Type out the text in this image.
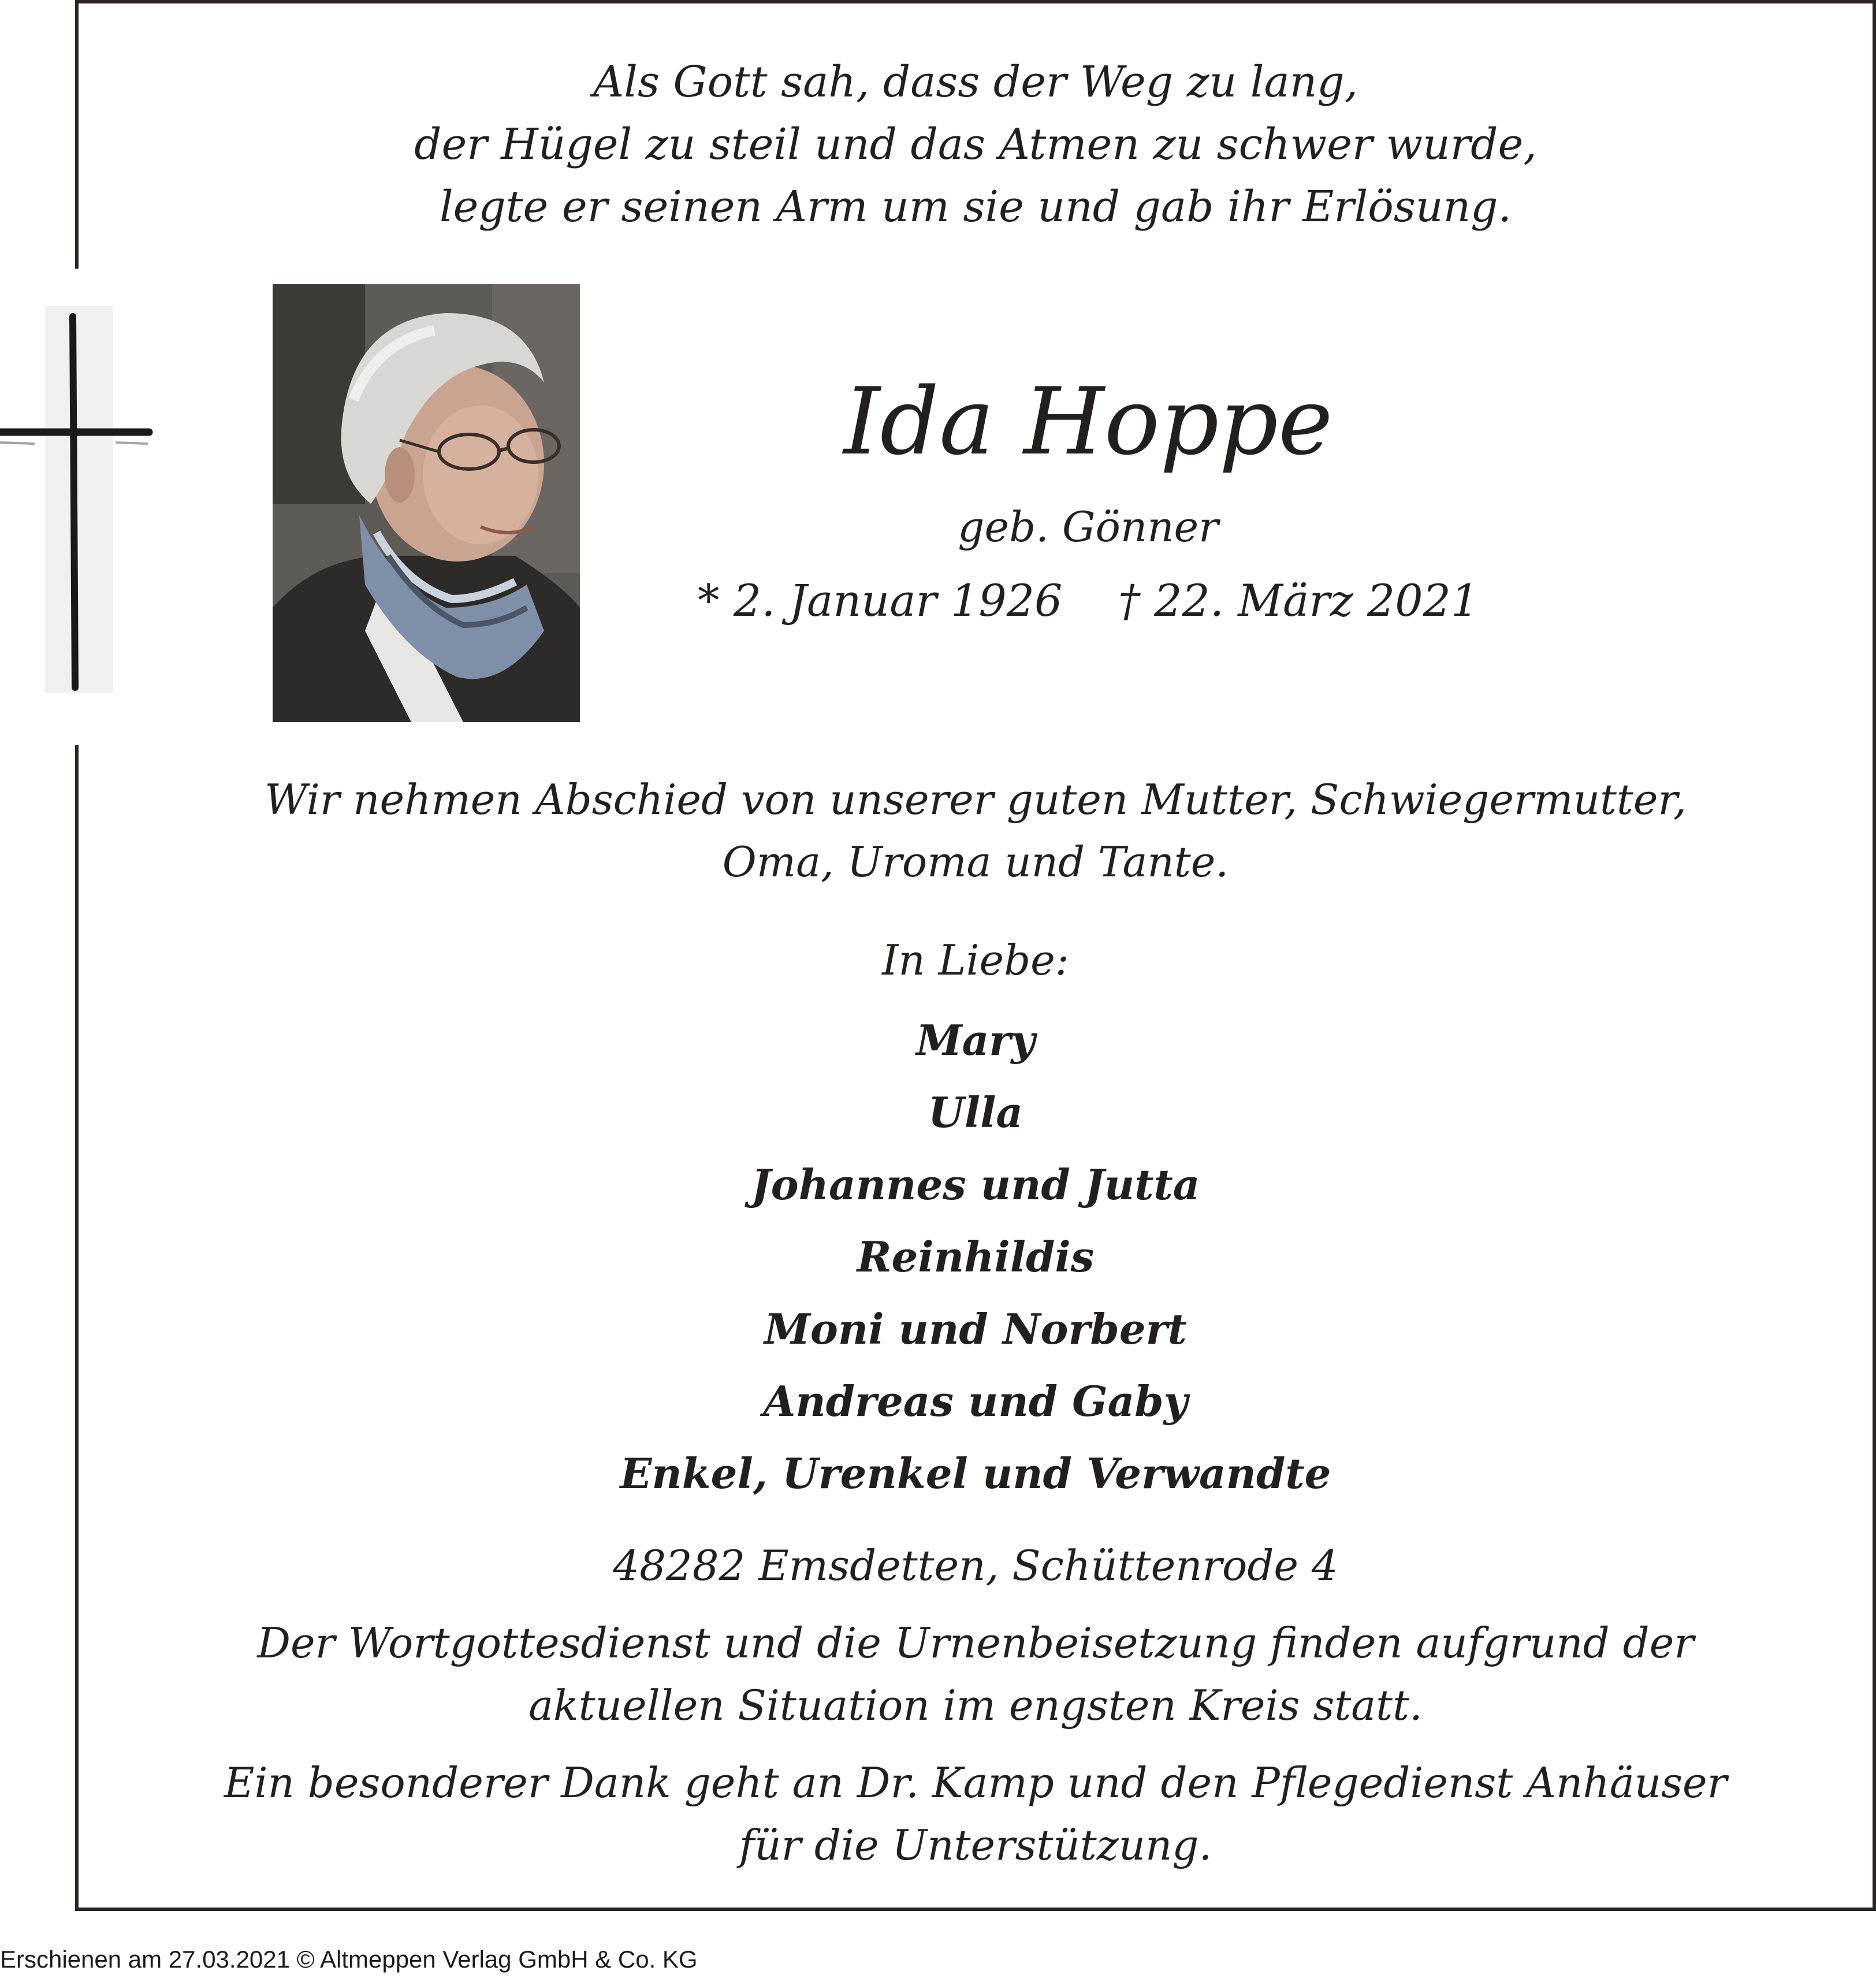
Als Gott sah, dass der Weg zu lang,
der Hügel zu steil und das Atmen zu schwer wurde,
legte er seinen Arm um sie und gab ihr Erlösung.
Ida Hoppe
geb. Gönner
* 2. Januar 1926 † 22. März 2021
Wir nehmen Abschied von unserer guten Mutter, Schwiegermutter,
Oma, Uroma und Tante.
In Liebe:
Mary
Ulla
Johannes und Jutta
Reinhildis
Moni und Norbert
Andreas und Gaby
Enkel, Urenkel und Verwandte
48282 Emsdetten, Schüttenrode 4
Der Wortgottesdienst und die Urnenbeisetzung finden aufgrund der
aktuellen Situation im engsten Kreis statt.
Ein besonderer Dank geht an Dr. Kamp und den Pflegedienst Anhäuser
für die Unterstützung.
Erschienen am 27.03.2021 © Altmeppen Verlag GmbH & Co. KG
